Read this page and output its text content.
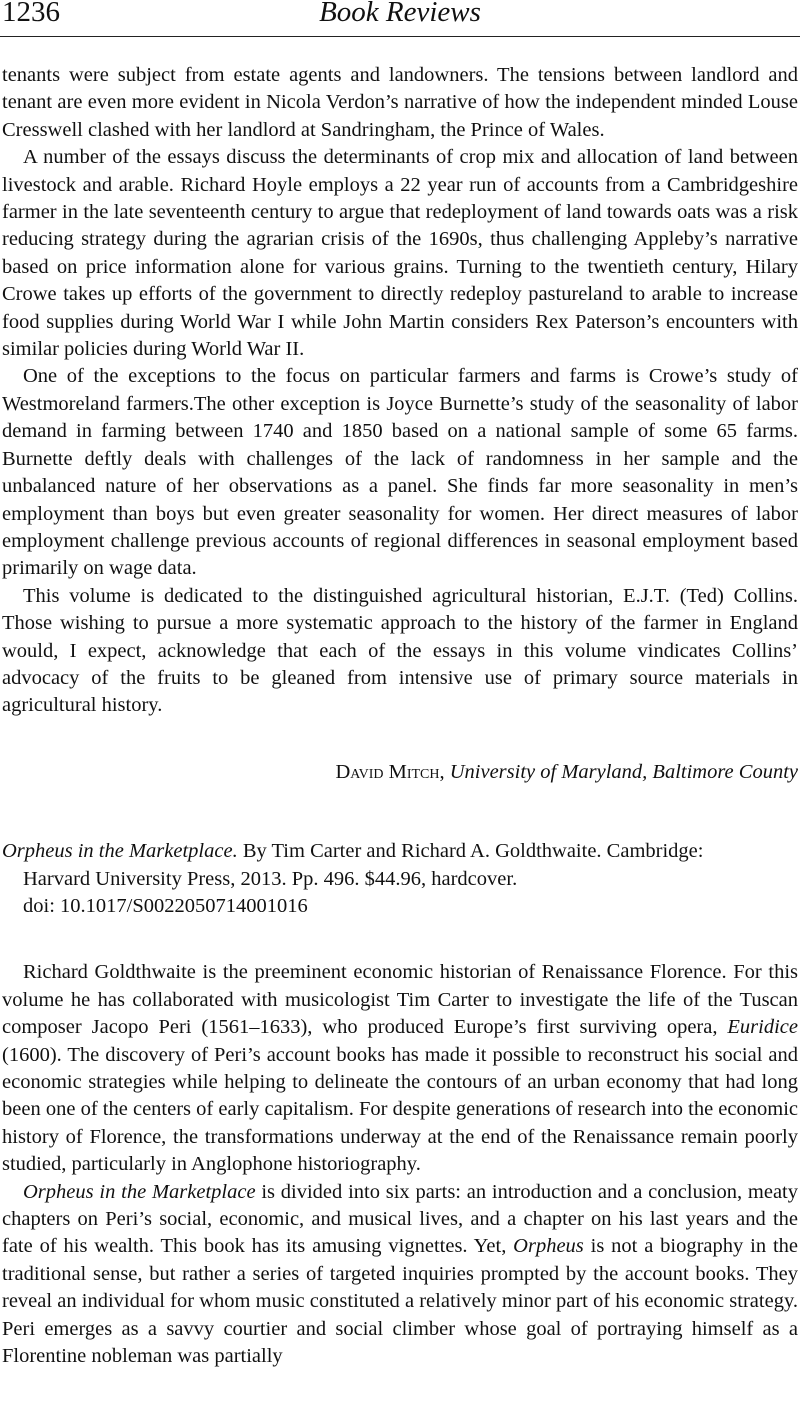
1236	Book Reviews

tenants were subject from estate agents and landowners. The tensions between landlord and tenant are even more evident in Nicola Verdon’s narrative of how the independent minded Louse Cresswell clashed with her landlord at Sandringham, the Prince of Wales.

A number of the essays discuss the determinants of crop mix and allocation of land between livestock and arable. Richard Hoyle employs a 22 year run of accounts from a Cambridgeshire farmer in the late seventeenth century to argue that redeployment of land towards oats was a risk reducing strategy during the agrarian crisis of the 1690s, thus challenging Appleby’s narrative based on price information alone for various grains. Turning to the twentieth century, Hilary Crowe takes up efforts of the government to directly redeploy pastureland to arable to increase food supplies during World War I while John Martin considers Rex Paterson’s encounters with similar policies during World War II.

One of the exceptions to the focus on particular farmers and farms is Crowe’s study of Westmoreland farmers.The other exception is Joyce Burnette’s study of the seasonality of labor demand in farming between 1740 and 1850 based on a national sample of some 65 farms. Burnette deftly deals with challenges of the lack of randomness in her sample and the unbalanced nature of her observations as a panel. She finds far more seasonality in men’s employment than boys but even greater seasonality for women. Her direct measures of labor employment challenge previous accounts of regional differences in seasonal employment based primarily on wage data.

This volume is dedicated to the distinguished agricultural historian, E.J.T. (Ted) Collins. Those wishing to pursue a more systematic approach to the history of the farmer in England would, I expect, acknowledge that each of the essays in this volume vindicates Collins’ advocacy of the fruits to be gleaned from intensive use of primary source materials in agricultural history.

David Mitch, University of Maryland, Baltimore County
Orpheus in the Marketplace. By Tim Carter and Richard A. Goldthwaite. Cambridge:
Harvard University Press, 2013. Pp. 496. $44.96, hardcover.
doi: 10.1017/S0022050714001016

Richard Goldthwaite is the preeminent economic historian of Renaissance Florence. For this volume he has collaborated with musicologist Tim Carter to investigate the life of the Tuscan composer Jacopo Peri (1561–1633), who produced Europe’s first surviving opera, Euridice (1600). The discovery of Peri’s account books has made it possible to reconstruct his social and economic strategies while helping to delineate the contours of an urban economy that had long been one of the centers of early capitalism. For despite generations of research into the economic history of Florence, the transformations underway at the end of the Renaissance remain poorly studied, particularly in Anglophone historiography.

Orpheus in the Marketplace is divided into six parts: an introduction and a conclusion, meaty chapters on Peri’s social, economic, and musical lives, and a chapter on his last years and the fate of his wealth. This book has its amusing vignettes. Yet, Orpheus is not a biography in the traditional sense, but rather a series of targeted inquiries prompted by the account books. They reveal an individual for whom music constituted a relatively minor part of his economic strategy. Peri emerges as a savvy courtier and social climber whose goal of portraying himself as a Florentine nobleman was partially
